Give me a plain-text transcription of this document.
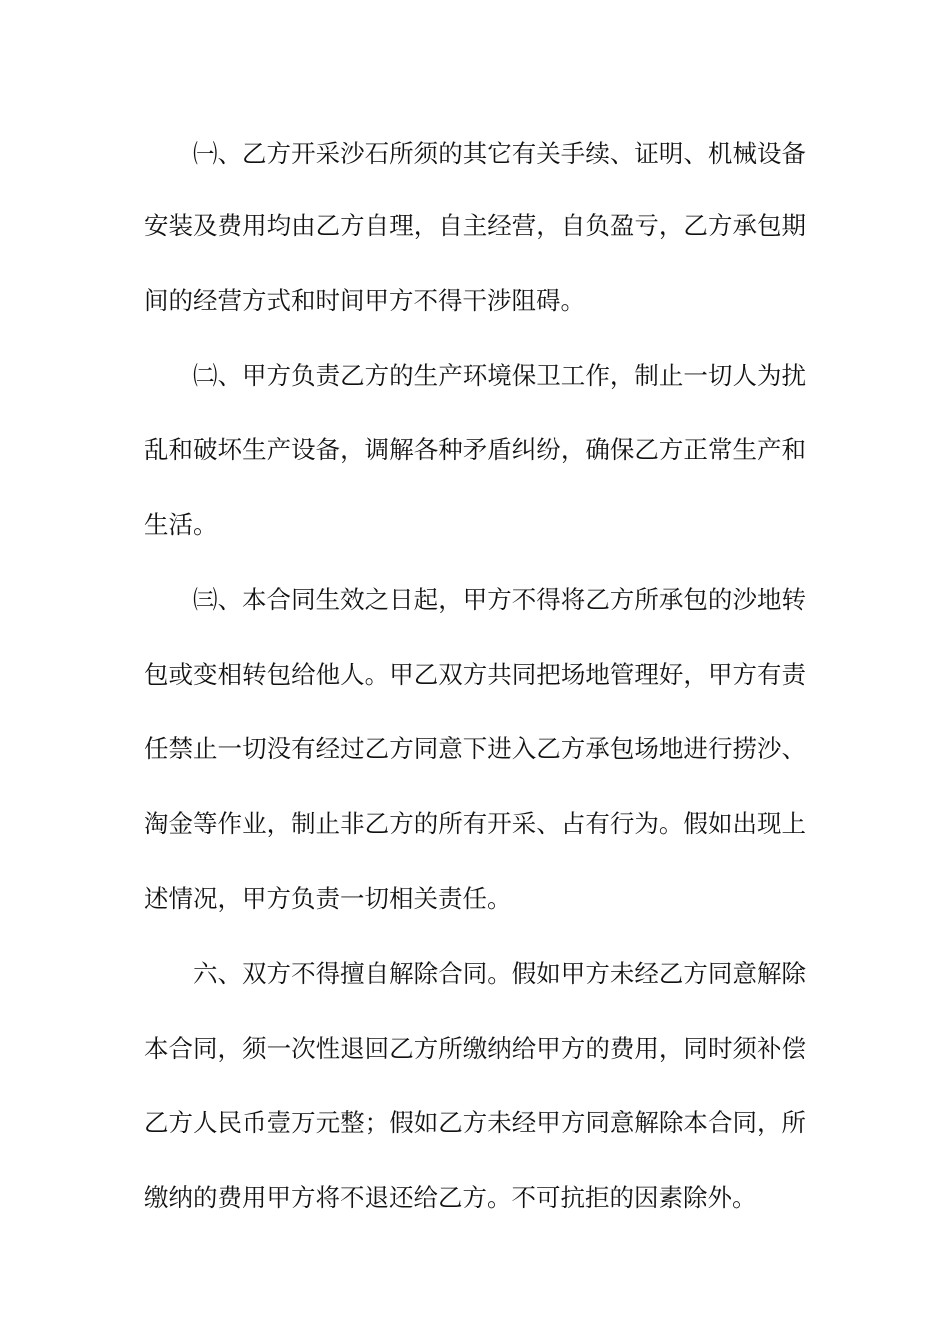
㈠、乙方开采沙石所须的其它有关手续、证明、机械设备
安装及费用均由乙方自理，自主经营，自负盈亏，乙方承包期
间的经营方式和时间甲方不得干涉阻碍。
㈡、甲方负责乙方的生产环境保卫工作，制止一切人为扰
乱和破坏生产设备，调解各种矛盾纠纷，确保乙方正常生产和
生活。
㈢、本合同生效之日起，甲方不得将乙方所承包的沙地转
包或变相转包给他人。甲乙双方共同把场地管理好，甲方有责
任禁止一切没有经过乙方同意下进入乙方承包场地进行捞沙、
淘金等作业，制止非乙方的所有开采、占有行为。假如出现上
述情况，甲方负责一切相关责任。
六、双方不得擅自解除合同。假如甲方未经乙方同意解除
本合同，须一次性退回乙方所缴纳给甲方的费用，同时须补偿
乙方人民币壹万元整；假如乙方未经甲方同意解除本合同，所
缴纳的费用甲方将不退还给乙方。不可抗拒的因素除外。
